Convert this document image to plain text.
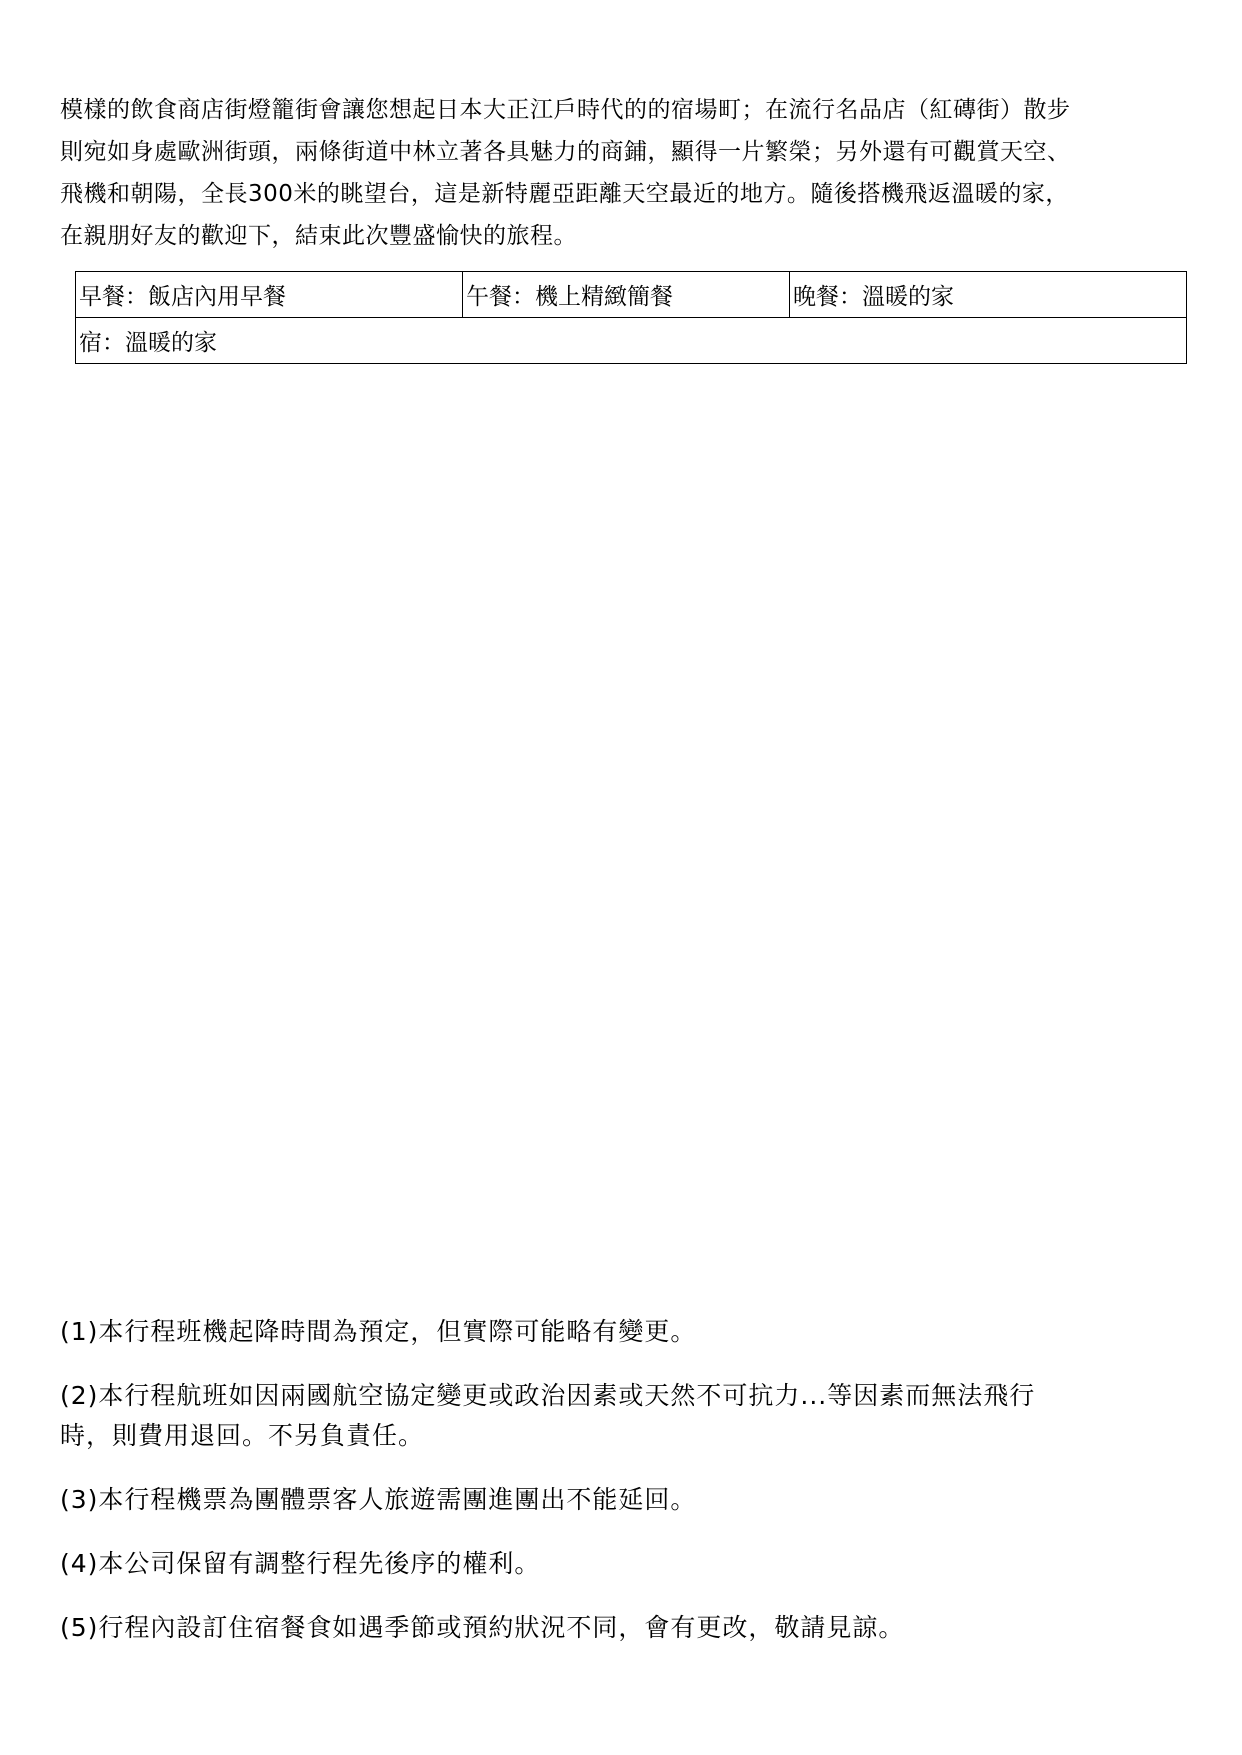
模樣的飲食商店街燈籠街會讓您想起日本大正江戶時代的的宿場町；在流行名品店（紅磚街）散步
則宛如身處歐洲街頭，兩條街道中林立著各具魅力的商鋪，顯得一片繁榮；另外還有可觀賞天空、
飛機和朝陽，全長300米的眺望台，這是新特麗亞距離天空最近的地方。隨後搭機飛返溫暖的家，
在親朋好友的歡迎下，結束此次豐盛愉快的旅程。
早餐：飯店內用早餐	午餐：機上精緻簡餐	晚餐：溫暖的家
宿：溫暖的家
(1)本行程班機起降時間為預定，但實際可能略有變更。
(2)本行程航班如因兩國航空協定變更或政治因素或天然不可抗力...等因素而無法飛行
時，則費用退回。不另負責任。
(3)本行程機票為團體票客人旅遊需團進團出不能延回。
(4)本公司保留有調整行程先後序的權利。
(5)行程內設訂住宿餐食如遇季節或預約狀況不同，會有更改，敬請見諒。
